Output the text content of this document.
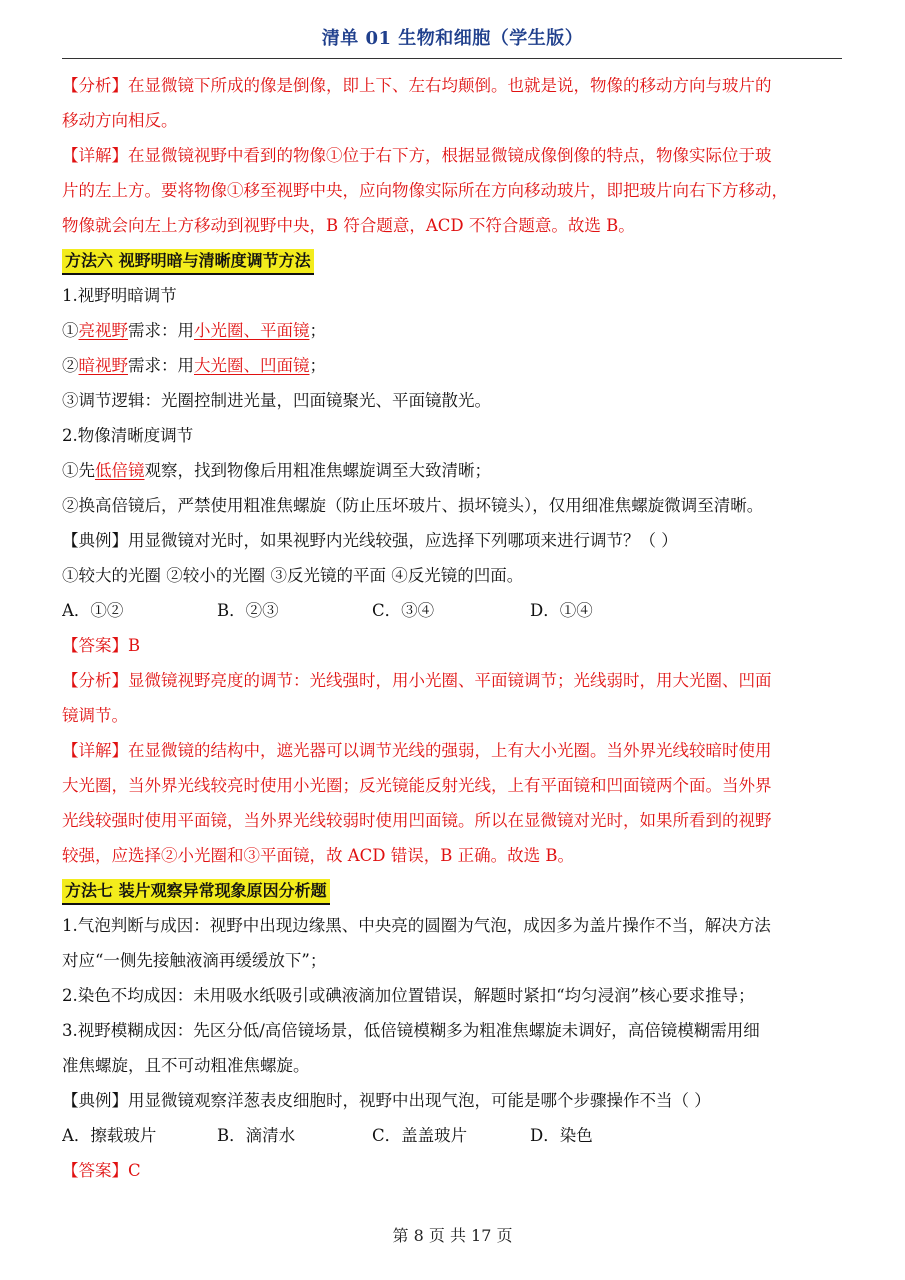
清单 01 生物和细胞（学生版）
【分析】在显微镜下所成的像是倒像，即上下、左右均颠倒。也就是说，物像的移动方向与玻片的
移动方向相反。
【详解】在显微镜视野中看到的物像①位于右下方，根据显微镜成像倒像的特点，物像实际位于玻
片的左上方。要将物像①移至视野中央，应向物像实际所在方向移动玻片，即把玻片向右下方移动，
物像就会向左上方移动到视野中央，B 符合题意，ACD 不符合题意。故选 B。
方法六 视野明暗与清晰度调节方法
1.视野明暗调节
①亮视野需求：用小光圈、平面镜；
②暗视野需求：用大光圈、凹面镜；
③调节逻辑：光圈控制进光量，凹面镜聚光、平面镜散光。
2.物像清晰度调节
①先低倍镜观察，找到物像后用粗准焦螺旋调至大致清晰；
②换高倍镜后，严禁使用粗准焦螺旋（防止压坏玻片、损坏镜头），仅用细准焦螺旋微调至清晰。
【典例】用显微镜对光时，如果视野内光线较强，应选择下列哪项来进行调节？（ ）
①较大的光圈 ②较小的光圈 ③反光镜的平面 ④反光镜的凹面。
A．①②	B．②③	C．③④	D．①④
【答案】B
【分析】显微镜视野亮度的调节：光线强时，用小光圈、平面镜调节；光线弱时，用大光圈、凹面
镜调节。
【详解】在显微镜的结构中，遮光器可以调节光线的强弱，上有大小光圈。当外界光线较暗时使用
大光圈，当外界光线较亮时使用小光圈；反光镜能反射光线，上有平面镜和凹面镜两个面。当外界
光线较强时使用平面镜，当外界光线较弱时使用凹面镜。所以在显微镜对光时，如果所看到的视野
较强，应选择②小光圈和③平面镜，故 ACD 错误，B 正确。故选 B。
方法七 装片观察异常现象原因分析题
1.气泡判断与成因：视野中出现边缘黑、中央亮的圆圈为气泡，成因多为盖片操作不当，解决方法
对应“一侧先接触液滴再缓缓放下”；
2.染色不均成因：未用吸水纸吸引或碘液滴加位置错误，解题时紧扣“均匀浸润”核心要求推导；
3.视野模糊成因：先区分低/高倍镜场景，低倍镜模糊多为粗准焦螺旋未调好，高倍镜模糊需用细
准焦螺旋，且不可动粗准焦螺旋。
【典例】用显微镜观察洋葱表皮细胞时，视野中出现气泡，可能是哪个步骤操作不当（ ）
A．擦载玻片	B．滴清水	C．盖盖玻片	D．染色
【答案】C
第 8 页 共 17 页
